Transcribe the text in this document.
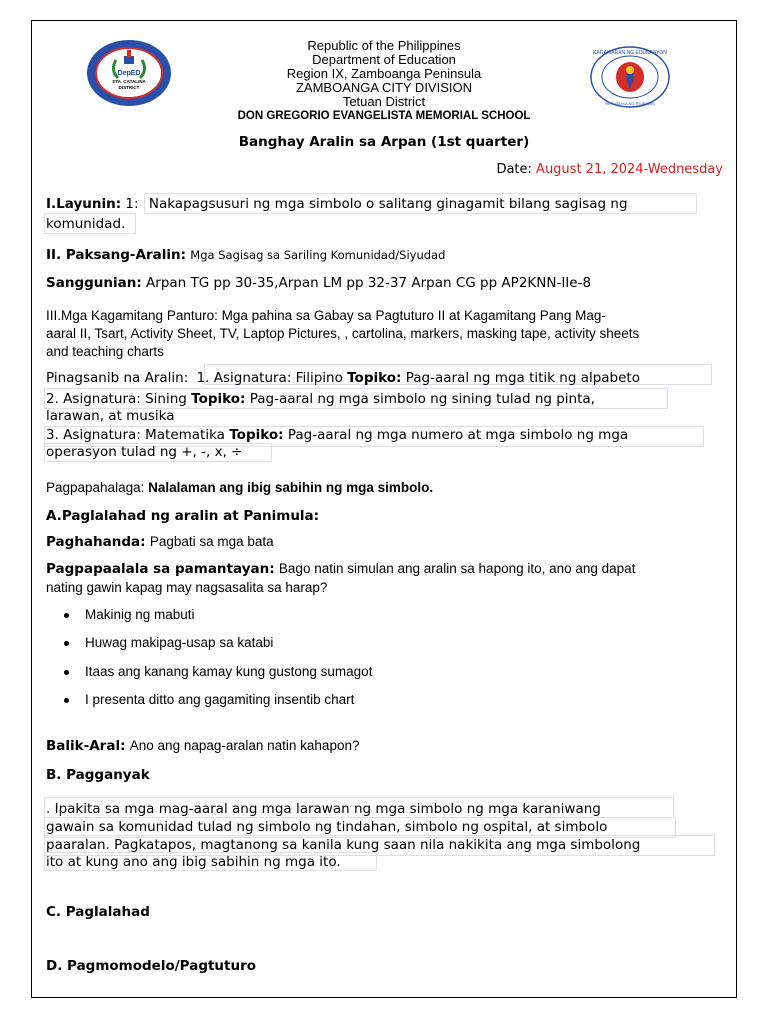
DepED
STA. CATALINA
DISTRICT
KAGAWARAN NG EDUKASYON
REPUBLIKA NG PILIPINAS
Republic of the Philippines
Department of Education
Region IX, Zamboanga Peninsula
ZAMBOANGA CITY DIVISION
Tetuan District
DON GREGORIO EVANGELISTA MEMORIAL SCHOOL
Banghay Aralin sa Arpan (1st quarter)
Date: August 21, 2024-Wednesday
I.Layunin: 1: Nakapagsusuri ng mga simbolo o salitang ginagamit bilang sagisag ng
komunidad.
II. Paksang-Aralin: Mga Sagisag sa Sariling Komunidad/Siyudad
Sanggunian: Arpan TG pp 30-35,Arpan LM pp 32-37 Arpan CG pp AP2KNN-IIe-8
III.Mga Kagamitang Panturo: Mga pahina sa Gabay sa Pagtuturo II at Kagamitang Pang Mag-
aaral II, Tsart, Activity Sheet, TV, Laptop Pictures, , cartolina, markers, masking tape, activity sheets
and teaching charts
Pinagsanib na Aralin: 1. Asignatura: Filipino Topiko: Pag-aaral ng mga titik ng alpabeto
2. Asignatura: Sining Topiko: Pag-aaral ng mga simbolo ng sining tulad ng pinta,
larawan, at musika
3. Asignatura: Matematika Topiko: Pag-aaral ng mga numero at mga simbolo ng mga
operasyon tulad ng +, -, x, ÷
Pagpapahalaga: Nalalaman ang ibig sabihin ng mga simbolo.
A.Paglalahad ng aralin at Panimula:
Paghahanda: Pagbati sa mga bata
Pagpapaalala sa pamantayan: Bago natin simulan ang aralin sa hapong ito, ano ang dapat
nating gawin kapag may nagsasalita sa harap?
Makinig ng mabuti
Huwag makipag-usap sa katabi
Itaas ang kanang kamay kung gustong sumagot
I presenta ditto ang gagamiting insentib chart
Balik-Aral: Ano ang napag-aralan natin kahapon?
B. Pagganyak
. Ipakita sa mga mag-aaral ang mga larawan ng mga simbolo ng mga karaniwang
gawain sa komunidad tulad ng simbolo ng tindahan, simbolo ng ospital, at simbolo
paaralan. Pagkatapos, magtanong sa kanila kung saan nila nakikita ang mga simbolong
ito at kung ano ang ibig sabihin ng mga ito.
C. Paglalahad
D. Pagmomodelo/Pagtuturo
